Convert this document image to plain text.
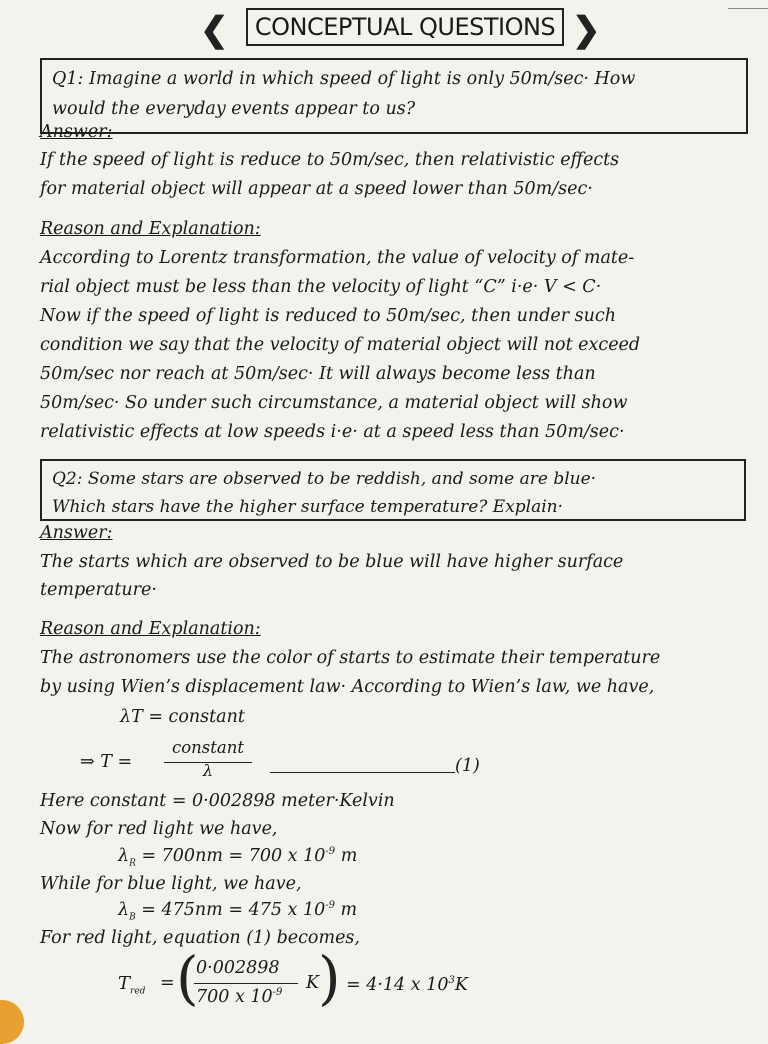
❮	CONCEPTUAL QUESTIONS ❯
Q1: Imagine a world in which speed of light is only 50m/sec· How
would the everyday events appear to us?
Answer:
If the speed of light is reduce to 50m/sec, then relativistic effects
for material object will appear at a speed lower than 50m/sec·
Reason and Explanation:
According to Lorentz transformation, the value of velocity of mate-
rial object must be less than the velocity of light “C” i·e· V < C·
Now if the speed of light is reduced to 50m/sec, then under such
condition we say that the velocity of material object will not exceed
50m/sec nor reach at 50m/sec· It will always become less than
50m/sec· So under such circumstance, a material object will show
relativistic effects at low speeds i·e· at a speed less than 50m/sec·
Q2: Some stars are observed to be reddish, and some are blue·
Which stars have the higher surface temperature? Explain·
Answer:
The starts which are observed to be blue will have higher surface
temperature·
Reason and Explanation:
The astronomers use the color of starts to estimate their temperature
by using Wien’s displacement law· According to Wien’s law, we have,
λT = constant
⇒ T =
constant
λ	(1)
Here constant = 0·002898 meter·Kelvin
Now for red light we have,
$\lambda_R = 700nm = 700$ x $10^{-9}$ m
While for blue light, we have,
$\lambda_B = 475nm = 475$ x $10^{-9}$ m
For red light, equation (1) becomes,
$T_{red}$ = (
0·002898
700 x $10^{-9}$ K
) = 4·14 x $10^3K$
